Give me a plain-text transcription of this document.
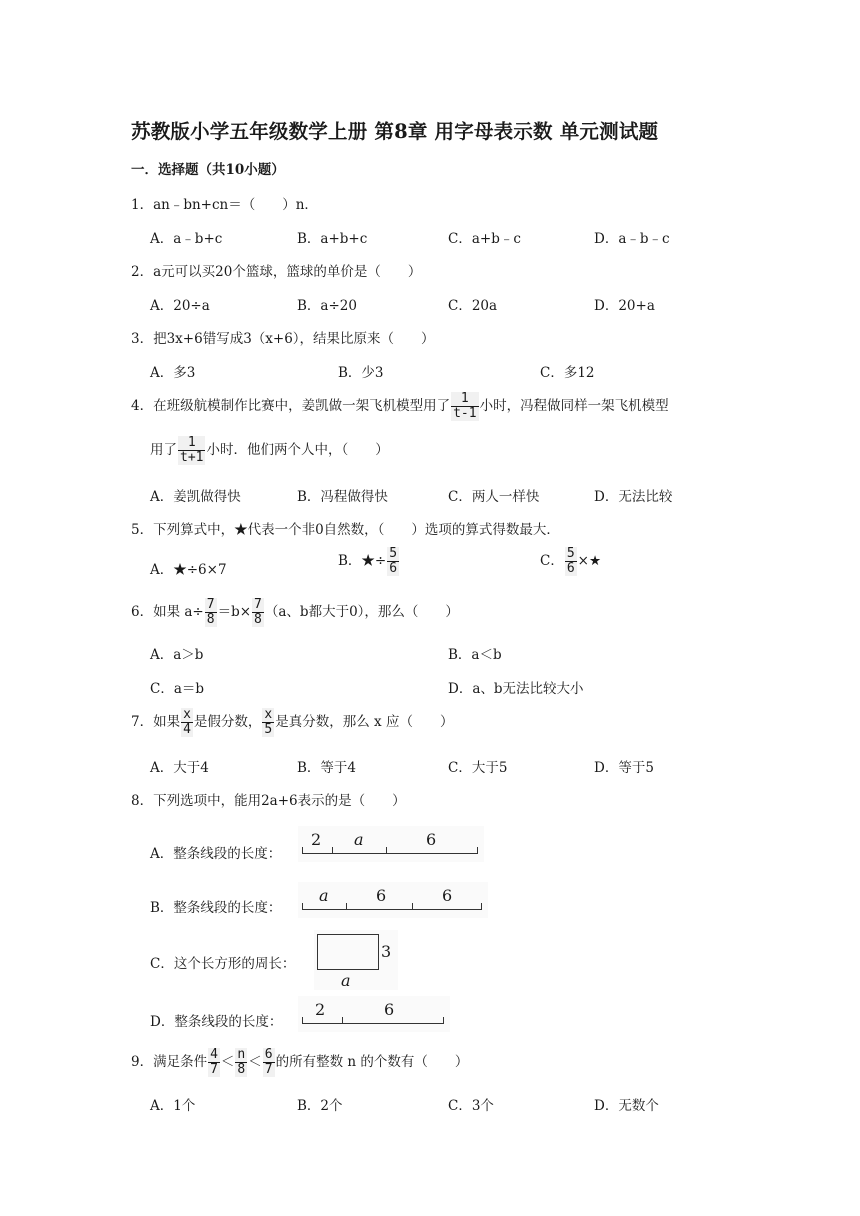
苏教版小学五年级数学上册 第8章 用字母表示数 单元测试题
一．选择题（共10小题）
1．an﹣bn+cn＝（　　）n．
A．a﹣b+c	B．a+b+c	C．a+b﹣c	D．a﹣b﹣c
2．a元可以买20个篮球，篮球的单价是（　　）
A．20÷a	B．a÷20	C．20a	D．20+a
3．把3x+6错写成3（x+6），结果比原来（　　）
A．多3	B．少3	C．多12
4．在班级航模制作比赛中，姜凯做一架飞机模型用了 $\frac{1}{t-1}$ 小时，冯程做同样一架飞机模型
用了 $\frac{1}{t+1}$ 小时．他们两个人中，（　　）
A．姜凯做得快	B．冯程做得快	C．两人一样快	D．无法比较
5．下列算式中，★代表一个非0自然数，（　　）选项的算式得数最大．
A．★÷6×7
B．★÷ $\frac{5}{6}$	C． $\frac{5}{6}$ ×★
6．如果 $a\div \frac{7}{8} =b\times \frac{7}{8} (a$、b都大于0），那么（　　）
A．a＞b	B．a＜b
C．a＝b	D．a、b无法比较大小
7．如果 $\frac{x}{4}$ 是假分数， $\frac{x}{5}$ 是真分数，那么 x 应（　　）
A．大于4	B．等于4	C．大于5	D．等于5
8．下列选项中，能用2a+6表示的是（　　）
A．整条线段的长度：
2 a	6
B．整条线段的长度：
a	6	6
C．这个长方形的周长：
3
a
D．整条线段的长度：
2	6
9．满足条件 $\frac{4}{7} < \frac{n}{8} < \frac{6}{7}$ 的所有整数 n 的个数有（　　）
A．1个	B．2个	C．3个	D．无数个
